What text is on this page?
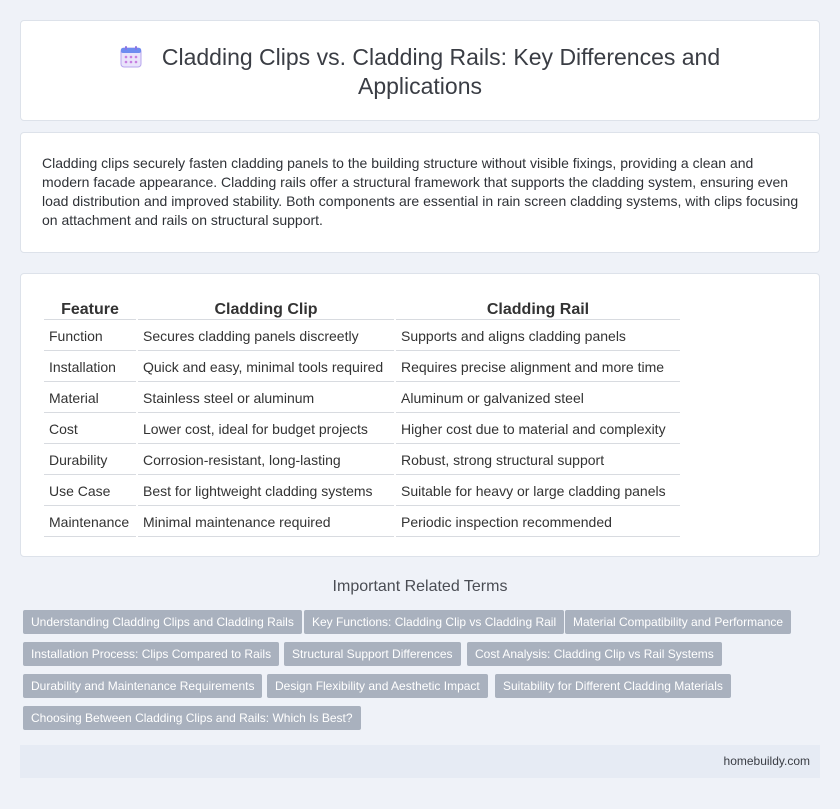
Cladding Clips vs. Cladding Rails: Key Differences and Applications

Cladding clips securely fasten cladding panels to the building structure without visible fixings, providing a clean and modern facade appearance. Cladding rails offer a structural framework that supports the cladding system, ensuring even load distribution and improved stability. Both components are essential in rain screen cladding systems, with clips focusing on attachment and rails on structural support.

Feature	Cladding Clip	Cladding Rail
Function	Secures cladding panels discreetly	Supports and aligns cladding panels
Installation	Quick and easy, minimal tools required	Requires precise alignment and more time
Material	Stainless steel or aluminum	Aluminum or galvanized steel
Cost	Lower cost, ideal for budget projects	Higher cost due to material and complexity
Durability	Corrosion-resistant, long-lasting	Robust, strong structural support
Use Case	Best for lightweight cladding systems	Suitable for heavy or large cladding panels
Maintenance	Minimal maintenance required	Periodic inspection recommended
Important Related Terms
Understanding Cladding Clips and Cladding Rails	Key Functions: Cladding Clip vs Cladding Rail	Material Compatibility and Performance
Installation Process: Clips Compared to Rails	Structural Support Differences	Cost Analysis: Cladding Clip vs Rail Systems
Durability and Maintenance Requirements	Design Flexibility and Aesthetic Impact	Suitability for Different Cladding Materials
Choosing Between Cladding Clips and Rails: Which Is Best?
homebuildy.com
